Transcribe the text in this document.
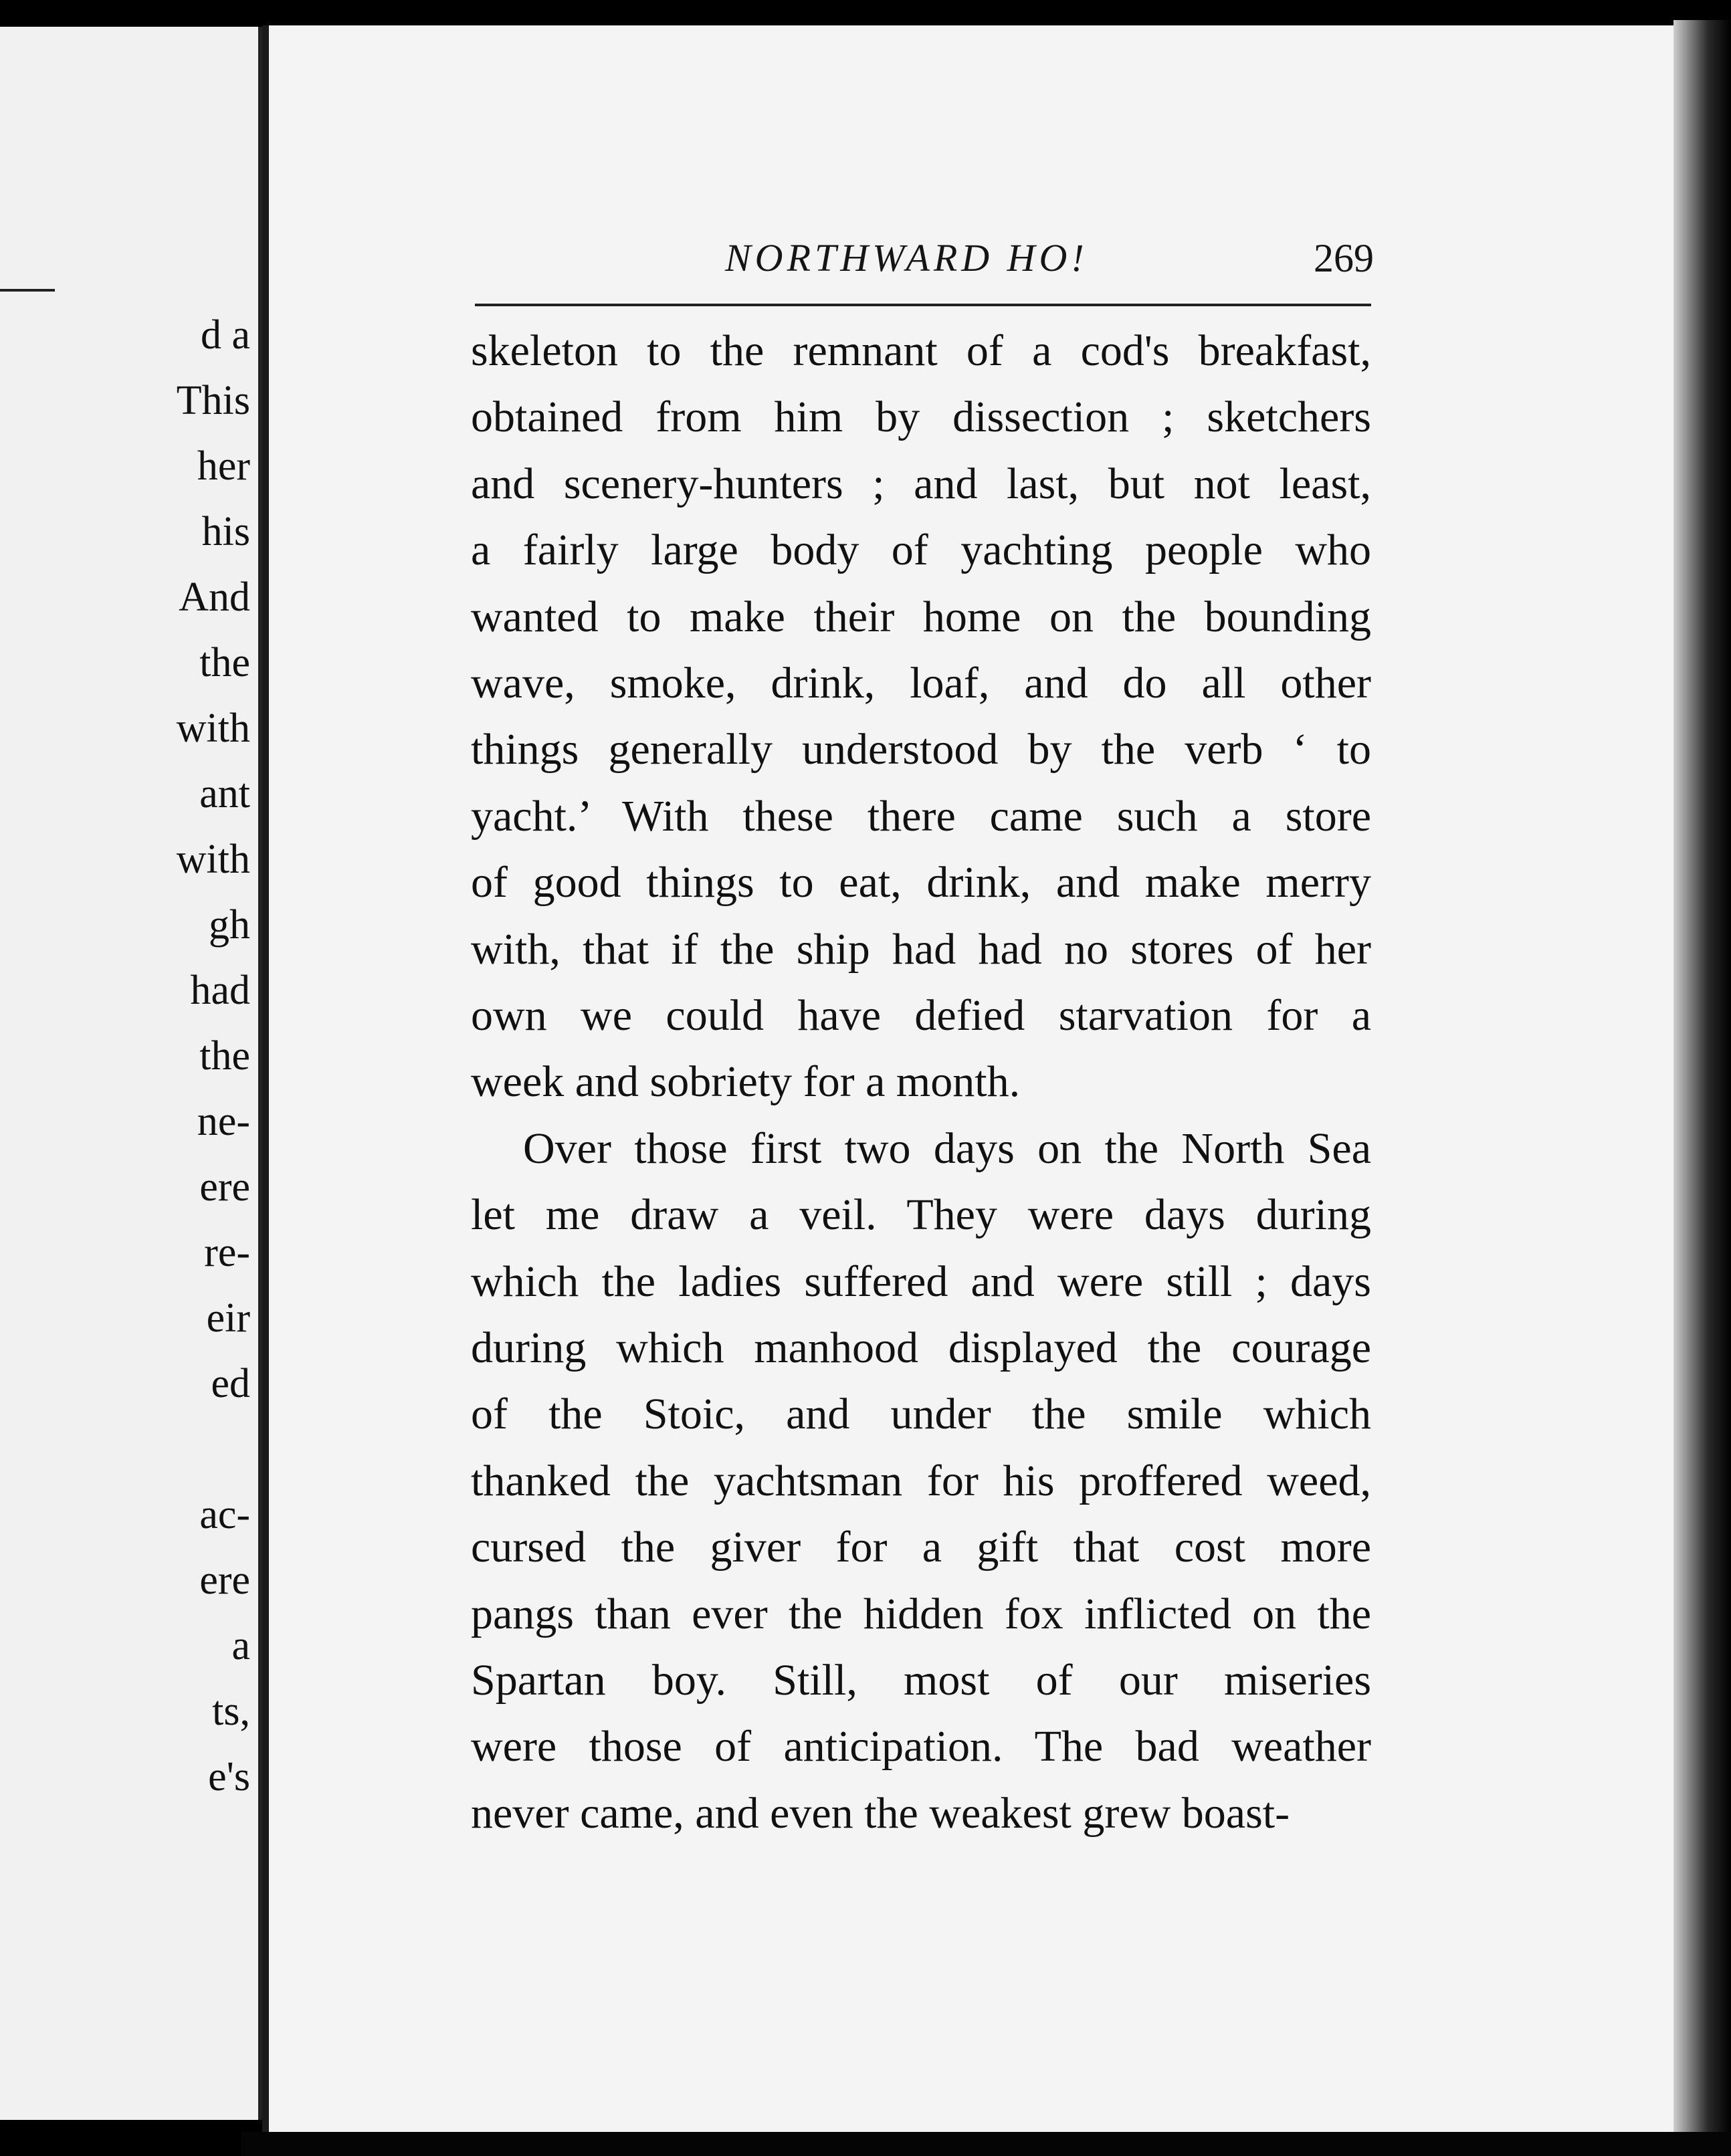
d a
This
her
his
And
the
with
ant
with
gh
had
the
ne-
ere
re-
eir
ed
ac-
ere
a
ts,
e's
NORTHWARD HO!	269
skeleton to the remnant of a cod's breakfast,
obtained from him by dissection ; sketchers
and scenery-hunters ; and last, but not least,
a fairly large body of yachting people who
wanted to make their home on the bounding
wave, smoke, drink, loaf, and do all other
things generally understood by the verb ‘ to
yacht.’ With these there came such a store
of good things to eat, drink, and make merry
with, that if the ship had had no stores of her
own we could have defied starvation for a
week and sobriety for a month.
Over those first two days on the North Sea
let me draw a veil. They were days during
which the ladies suffered and were still ; days
during which manhood displayed the courage
of the Stoic, and under the smile which
thanked the yachtsman for his proffered weed,
cursed the giver for a gift that cost more
pangs than ever the hidden fox inflicted on the
Spartan boy. Still, most of our miseries
were those of anticipation. The bad weather
never came, and even the weakest grew boast-
